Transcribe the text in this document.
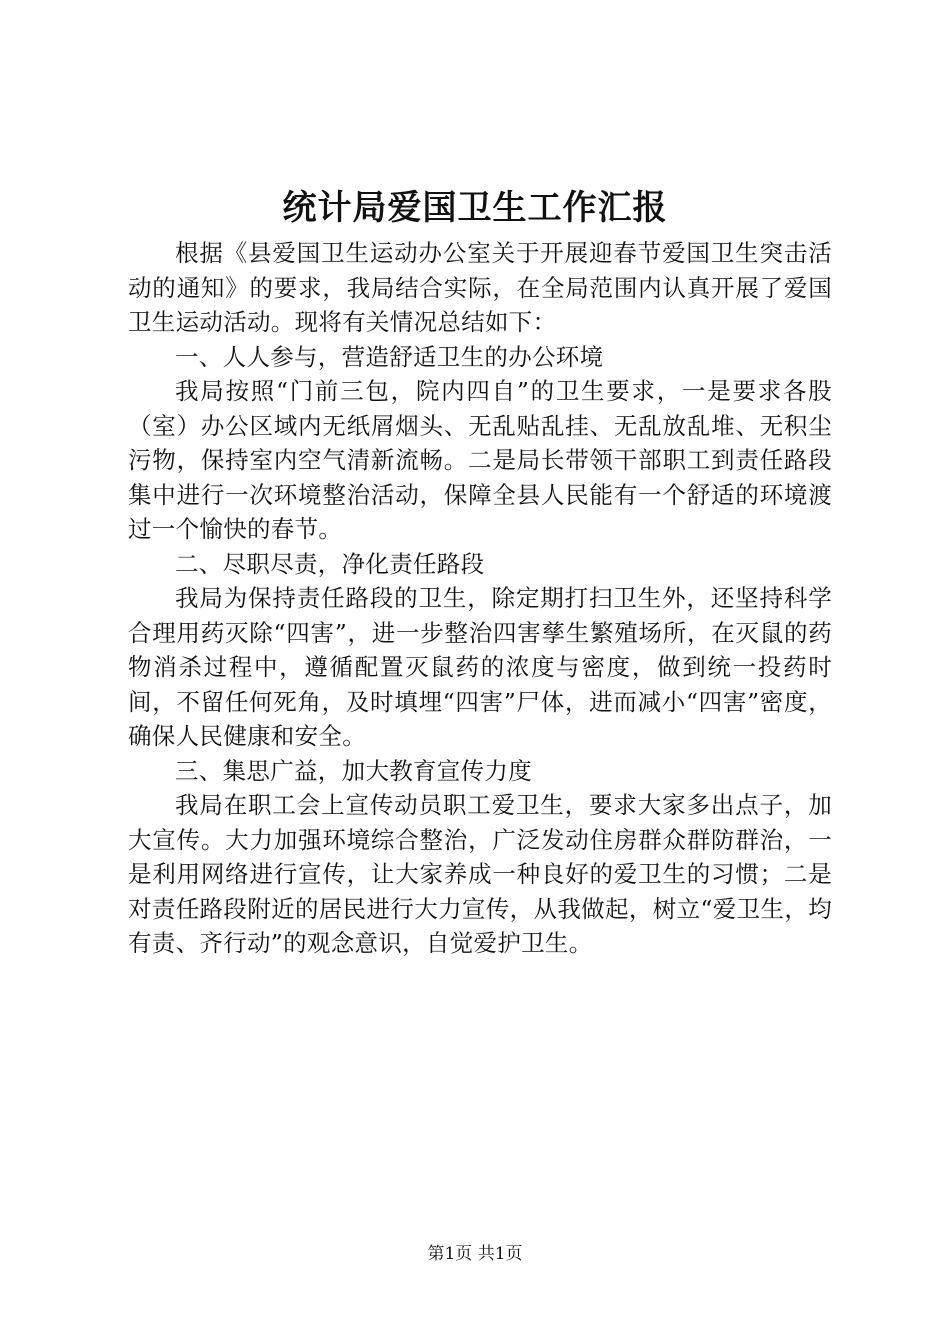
统计局爱国卫生工作汇报

根据《县爱国卫生运动办公室关于开展迎春节爱国卫生突击活动的通知》的要求，我局结合实际，在全局范围内认真开展了爱国卫生运动活动。现将有关情况总结如下：

一、人人参与，营造舒适卫生的办公环境

我局按照“门前三包，院内四自”的卫生要求，一是要求各股（室）办公区域内无纸屑烟头、无乱贴乱挂、无乱放乱堆、无积尘污物，保持室内空气清新流畅。二是局长带领干部职工到责任路段集中进行一次环境整治活动，保障全县人民能有一个舒适的环境渡过一个愉快的春节。

二、尽职尽责，净化责任路段

我局为保持责任路段的卫生，除定期打扫卫生外，还坚持科学合理用药灭除“四害”，进一步整治四害孳生繁殖场所，在灭鼠的药物消杀过程中，遵循配置灭鼠药的浓度与密度，做到统一投药时间，不留任何死角，及时填埋“四害”尸体，进而减小“四害”密度，确保人民健康和安全。

三、集思广益，加大教育宣传力度

我局在职工会上宣传动员职工爱卫生，要求大家多出点子，加大宣传。大力加强环境综合整治，广泛发动住房群众群防群治，一是利用网络进行宣传，让大家养成一种良好的爱卫生的习惯；二是对责任路段附近的居民进行大力宣传，从我做起，树立“爱卫生，均有责、齐行动”的观念意识，自觉爱护卫生。

第1页 共1页
